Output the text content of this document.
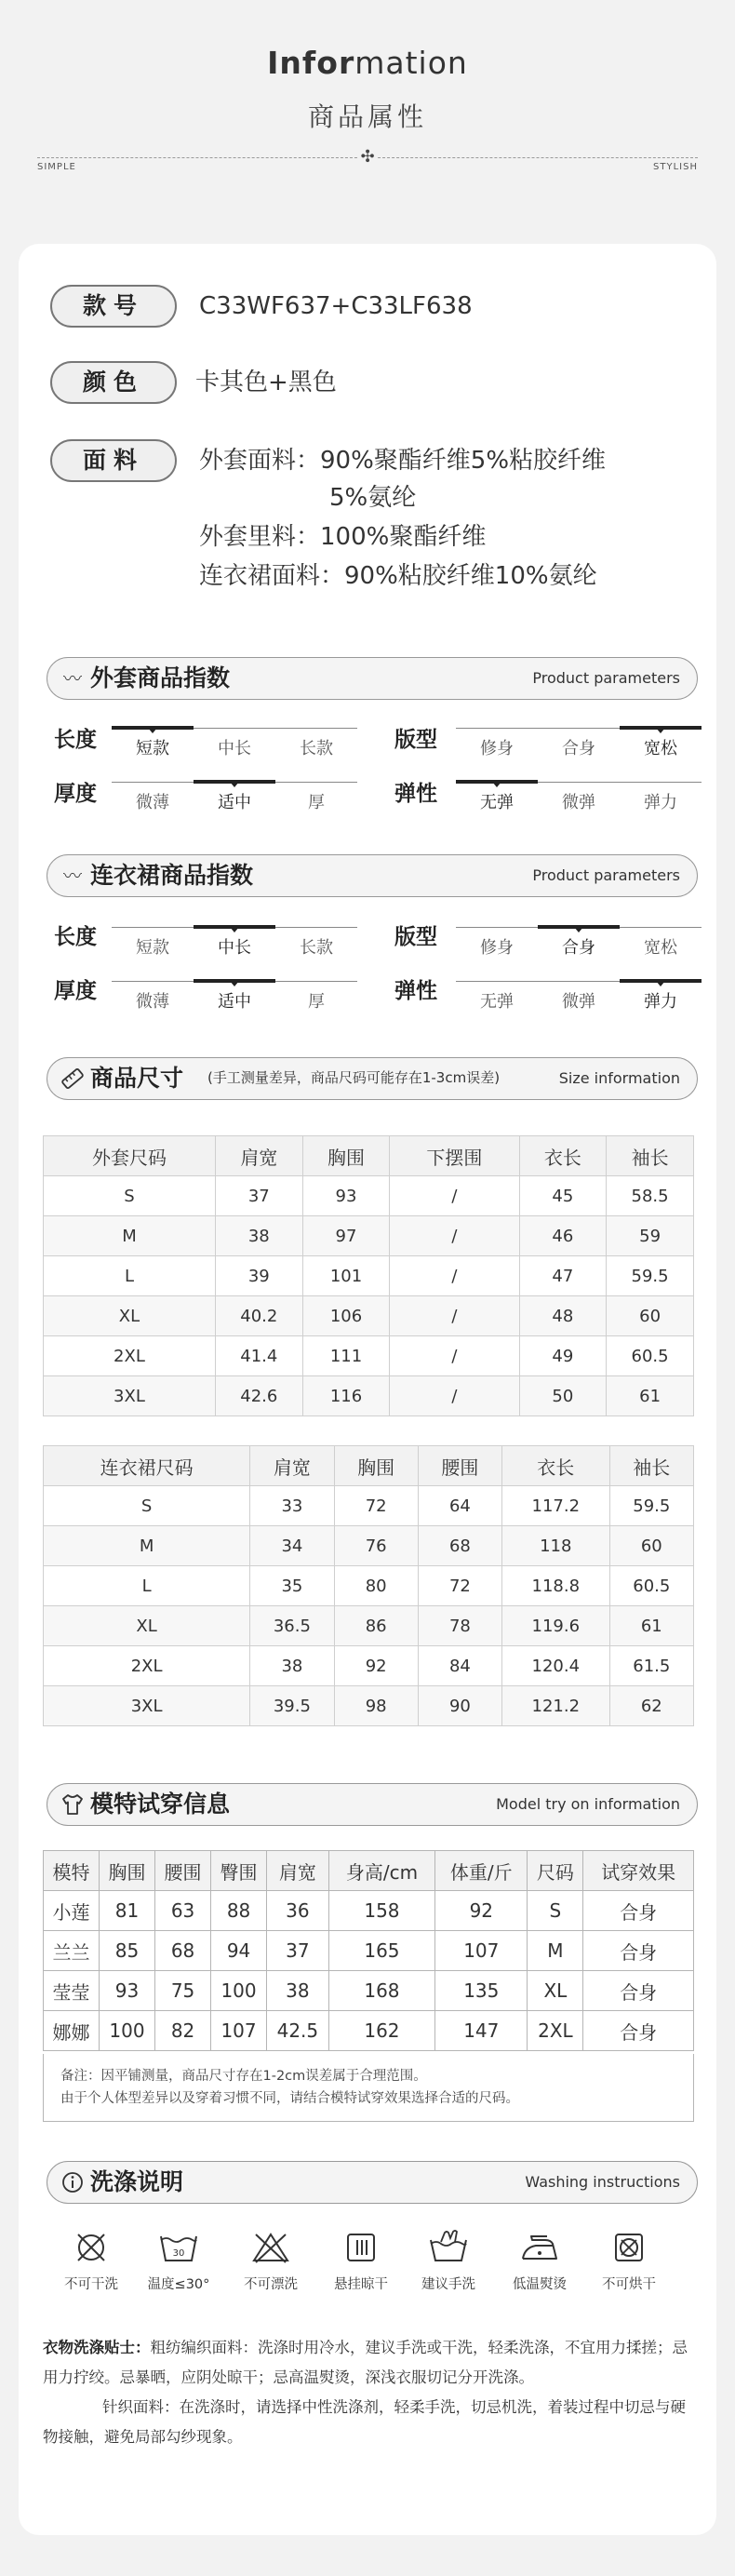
Information
商品属性
✣
SIMPLE	STYLISH
款号	C33WF637+C33LF638
颜色	卡其色+黑色
面料	外套面料：90%聚酯纤维5%粘胶纤维
5%氨纶
外套里料：100%聚酯纤维
连衣裙面料：90%粘胶纤维10%氨纶
〰 外套商品指数	Product parameters
长度	短款	中长	长款	版型	修身	合身	宽松
厚度	微薄	适中	厚	弹性	无弹	微弹	弹力
〰 连衣裙商品指数	Product parameters
长度	短款	中长	长款	版型	修身	合身	宽松
厚度	微薄	适中	厚	弹性	无弹	微弹	弹力
商品尺寸 (手工测量差异，商品尺码可能存在1-3cm误差)	Size information
外套尺码	肩宽	胸围	下摆围	衣长	袖长
S	37	93	/	45	58.5
M	38	97	/	46	59
L	39	101	/	47	59.5
XL	40.2	106	/	48	60
2XL	41.4	111	/	49	60.5
3XL	42.6	116	/	50	61
连衣裙尺码	肩宽	胸围	腰围	衣长	袖长
S	33	72	64	117.2	59.5
M	34	76	68	118	60
L	35	80	72	118.8	60.5
XL	36.5	86	78	119.6	61
2XL	38	92	84	120.4	61.5
3XL	39.5	98	90	121.2	62
模特试穿信息	Model try on information
模特	胸围	腰围	臀围	肩宽	身高/cm	体重/斤	尺码	试穿效果
小莲	81	63	88	36	158	92	S	合身
兰兰	85	68	94	37	165	107	M	合身
莹莹	93	75	100	38	168	135	XL	合身
娜娜	100	82	107	42.5	162	147	2XL	合身
备注：因平铺测量，商品尺寸存在1-2cm误差属于合理范围。
由于个人体型差异以及穿着习惯不同，请结合模特试穿效果选择合适的尺码。
洗涤说明	Washing instructions
不可干洗
30
温度≤30°	不可漂洗	悬挂晾干	建议手洗	低温熨烫	不可烘干
衣物洗涤贴士：粗纺编织面料：洗涤时用冷水，建议手洗或干洗，轻柔洗涤，不宜用力揉搓；忌用力拧绞。忌暴晒，应阴处晾干；忌高温熨烫，深浅衣服切记分开洗涤。
针织面料：在洗涤时，请选择中性洗涤剂，轻柔手洗，切忌机洗，着装过程中切忌与硬物接触，避免局部勾纱现象。
